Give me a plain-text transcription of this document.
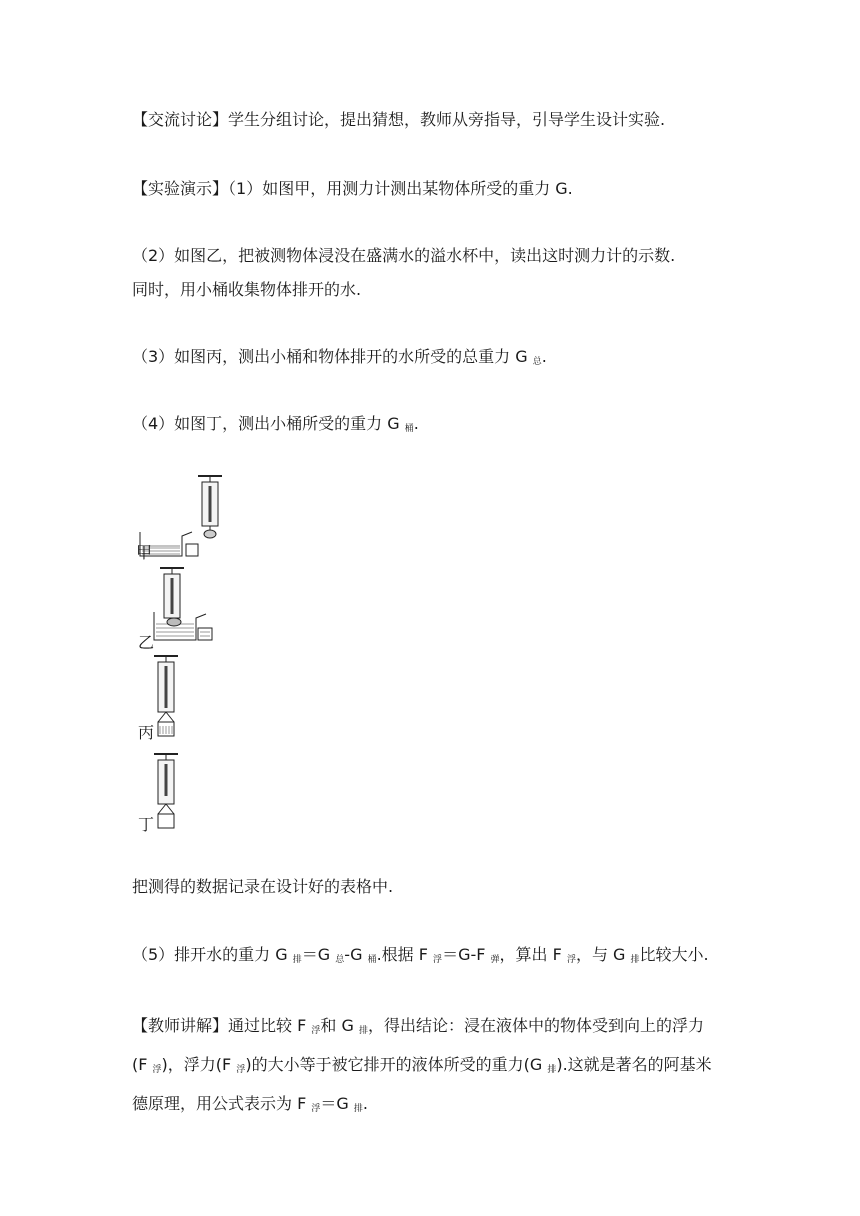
【交流讨论】学生分组讨论，提出猜想，教师从旁指导，引导学生设计实验.
【实验演示】（1）如图甲，用测力计测出某物体所受的重力 G.
（2）如图乙，把被测物体浸没在盛满水的溢水杯中，读出这时测力计的示数.
同时，用小桶收集物体排开的水.
（3）如图丙，测出小桶和物体排开的水所受的总重力 G $_总$.
（4）如图丁，测出小桶所受的重力 G $_桶$.
甲
乙
丙
丁
把测得的数据记录在设计好的表格中.
（5）排开水的重力 G $_排$＝G $_总$-G $_桶$.根据 F $_浮$＝G-F $_弹$，算出 F $_浮$，与 G $_排$比较大小.
【教师讲解】通过比较 F $_浮$和 G $_排$，得出结论：浸在液体中的物体受到向上的浮力
(F $_浮$)，浮力(F $_浮$)的大小等于被它排开的液体所受的重力(G $_排$).这就是著名的阿基米
德原理，用公式表示为 F $_浮$＝G $_排$.
